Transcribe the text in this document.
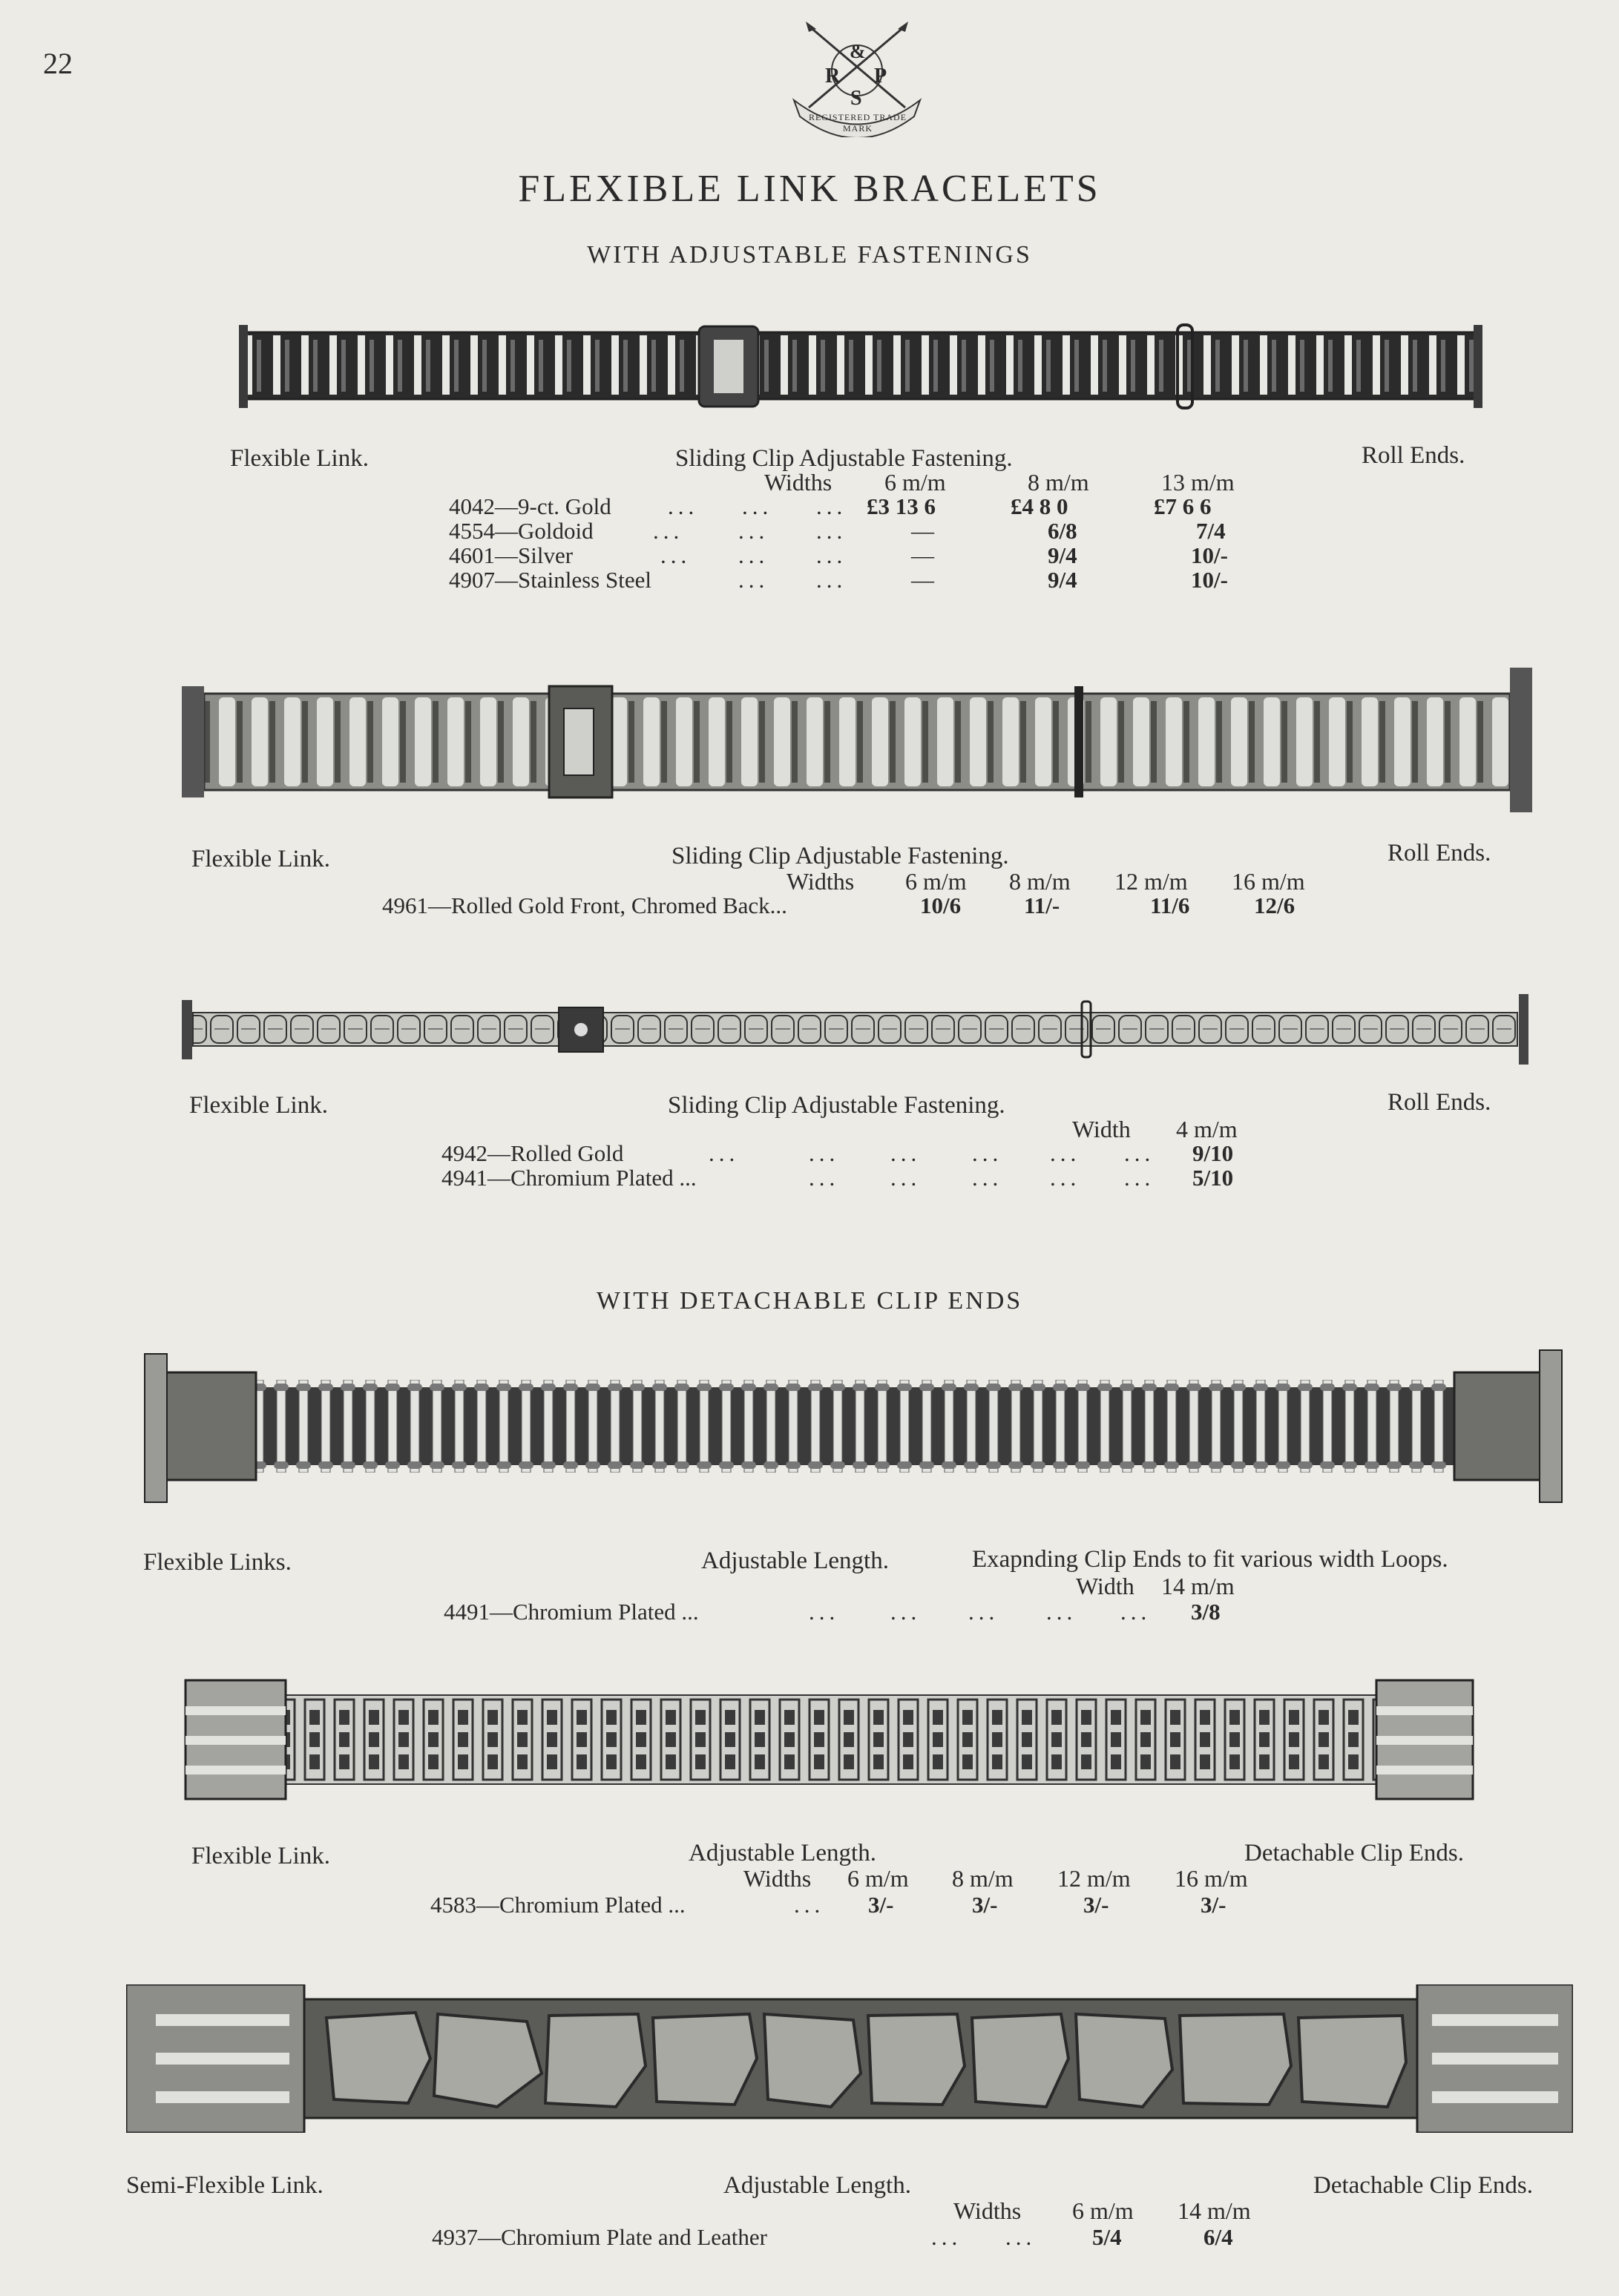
22	R
&
P
S
REGISTERED TRADE MARK
FLEXIBLE LINK BRACELETS
WITH ADJUSTABLE FASTENINGS
Flexible Link.	Sliding Clip Adjustable Fastening.	Roll Ends.
Widths 6 m/m	8 m/m	13 m/m
4042—9-ct. Gold ... ... ... £3 13 6	£4 8 0	£7 6 6
4554—Goldoid	... ... ...	—	6/8	7/4
4601—Silver	... ... ...	—	9/4	10/-
4907—Stainless Steel	... ...	—	9/4	10/-
Flexible Link.	Sliding Clip Adjustable Fastening.	Roll Ends.
Widths 6 m/m 8 m/m 12 m/m 16 m/m
4961—Rolled Gold Front, Chromed Back...	10/6	11/-	11/6	12/6
Flexible Link.	Sliding Clip Adjustable Fastening.	Roll Ends.
Width 4 m/m
4942—Rolled Gold	...	... ... ... ... ... 9/10
4941—Chromium Plated ...	... ... ... ... ... 5/10
WITH DETACHABLE CLIP ENDS
Flexible Links.	Adjustable Length.	Exapnding Clip Ends to fit various width Loops.
Width 14 m/m
4491—Chromium Plated ...	... ... ... ... ... 3/8
Flexible Link.	Adjustable Length.	Detachable Clip Ends.
Widths 6 m/m 8 m/m 12 m/m 16 m/m
4583—Chromium Plated ...	... 3/-	3/-	3/-	3/-
Semi-Flexible Link.	Adjustable Length.	Detachable Clip Ends.
Widths 6 m/m 14 m/m
4937—Chromium Plate and Leather	... ... 5/4	6/4
